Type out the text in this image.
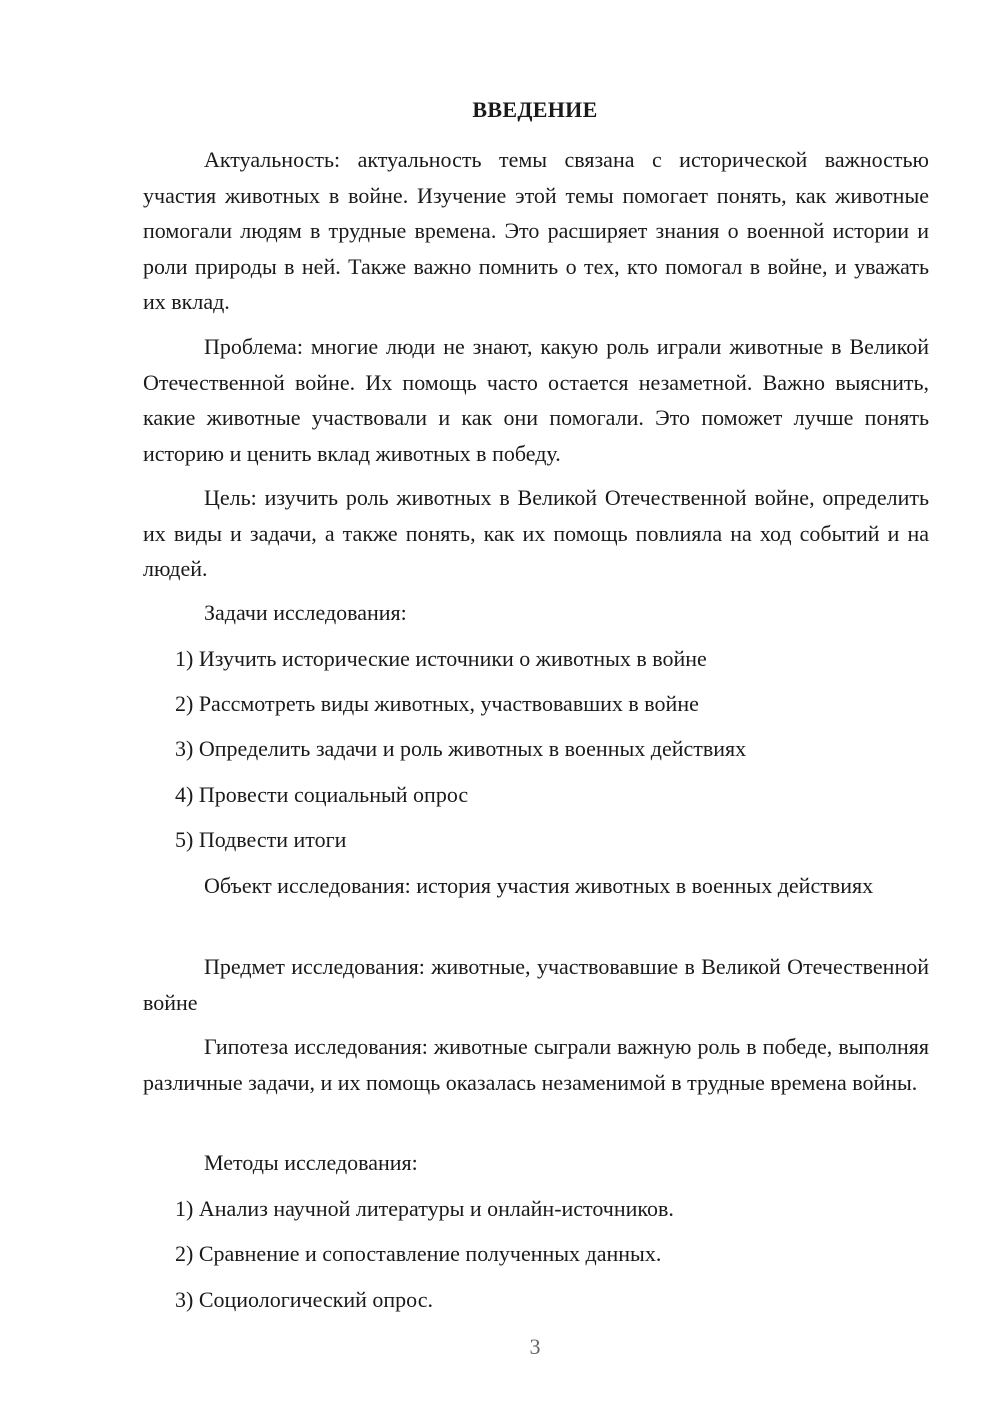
ВВЕДЕНИЕ
Актуальность: актуальность темы связана с исторической важностью участия животных в войне. Изучение этой темы помогает понять, как животные помогали людям в трудные времена. Это расширяет знания о военной истории и роли природы в ней. Также важно помнить о тех, кто помогал в войне, и уважать их вклад.
Проблема: многие люди не знают, какую роль играли животные в Великой Отечественной войне. Их помощь часто остается незаметной. Важно выяснить, какие животные участвовали и как они помогали. Это поможет лучше понять историю и ценить вклад животных в победу.
Цель: изучить роль животных в Великой Отечественной войне, определить их виды и задачи, а также понять, как их помощь повлияла на ход событий и на людей.
Задачи исследования:
1) Изучить исторические источники о животных в войне
2) Рассмотреть виды животных, участвовавших в войне
3) Определить задачи и роль животных в военных действиях
4) Провести социальный опрос
5) Подвести итоги
Объект исследования: история участия животных в военных действиях
Предмет исследования: животные, участвовавшие в Великой Отечественной войне
Гипотеза исследования: животные сыграли важную роль в победе, выполняя различные задачи, и их помощь оказалась незаменимой в трудные времена войны.
Методы исследования:
1) Анализ научной литературы и онлайн-источников.
2) Сравнение и сопоставление полученных данных.
3) Социологический опрос.
3
